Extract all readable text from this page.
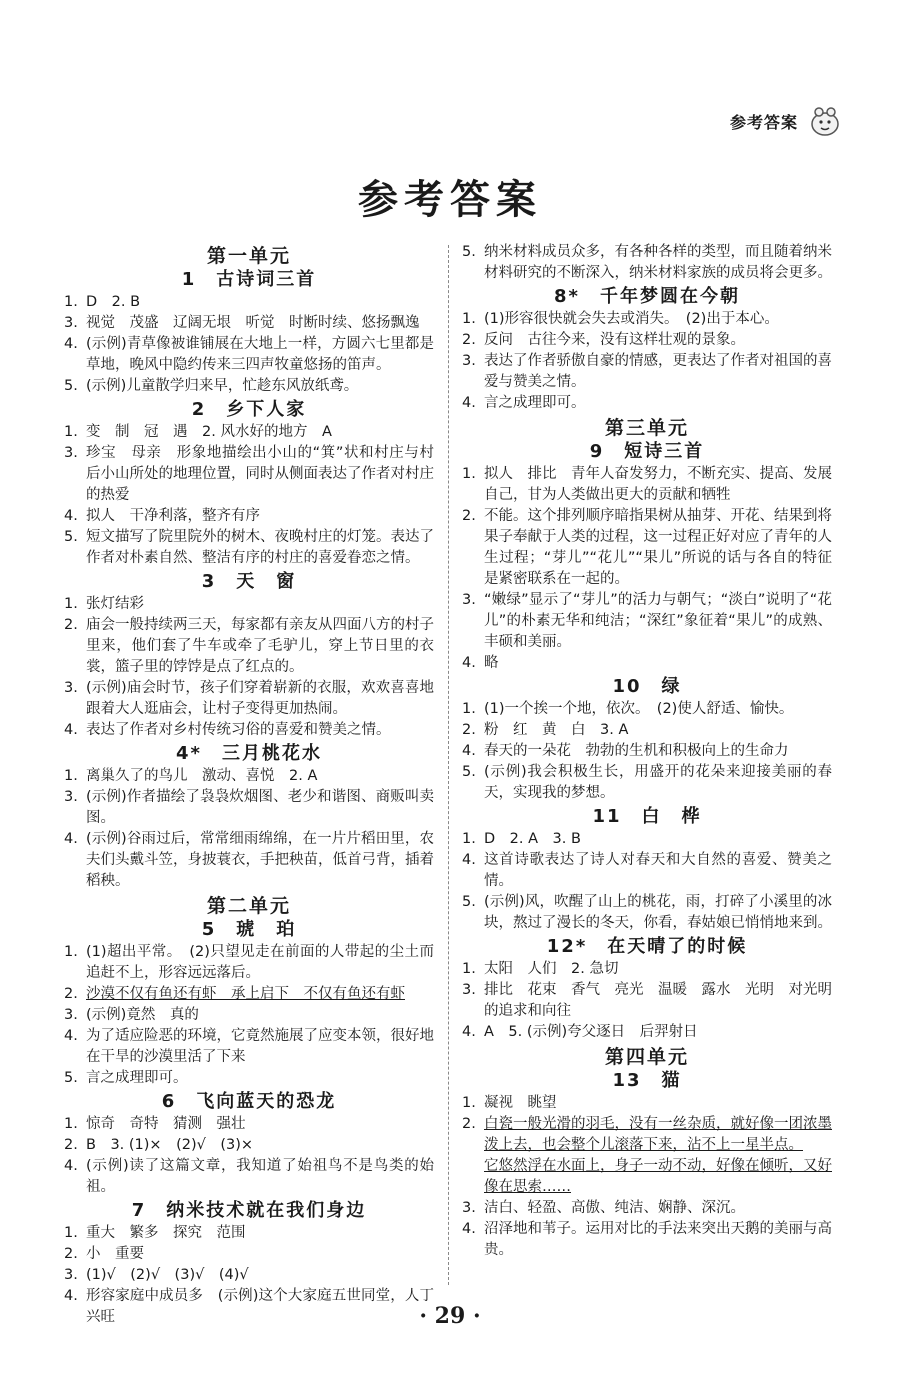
参考答案
参考答案
第一单元
1　古诗词三首
1. D　2. B
3. 视觉　茂盛　辽阔无垠　听觉　时断时续、悠扬飘逸
4. (示例)青草像被谁铺展在大地上一样，方圆六七里都是草地，晚风中隐约传来三四声牧童悠扬的笛声。
5. (示例)儿童散学归来早，忙趁东风放纸鸢。
2　乡下人家
1. 变　制　冠　遇　2. 风水好的地方　A
3. 珍宝　母亲　形象地描绘出小山的“箕”状和村庄与村后小山所处的地理位置，同时从侧面表达了作者对村庄的热爱
4. 拟人　干净利落，整齐有序
5. 短文描写了院里院外的树木、夜晚村庄的灯笼。表达了作者对朴素自然、整洁有序的村庄的喜爱眷恋之情。
3　天　窗
1. 张灯结彩
2. 庙会一般持续两三天，每家都有亲友从四面八方的村子里来，他们套了牛车或牵了毛驴儿，穿上节日里的衣裳，篮子里的饽饽是点了红点的。
3. (示例)庙会时节，孩子们穿着崭新的衣服，欢欢喜喜地跟着大人逛庙会，让村子变得更加热闹。
4. 表达了作者对乡村传统习俗的喜爱和赞美之情。
4*　三月桃花水
1. 离巢久了的鸟儿　激动、喜悦　2. A
3. (示例)作者描绘了袅袅炊烟图、老少和谐图、商贩叫卖图。
4. (示例)谷雨过后，常常细雨绵绵，在一片片稻田里，农夫们头戴斗笠，身披蓑衣，手把秧苗，低首弓背，插着稻秧。
第二单元
5　琥　珀
1. (1)超出平常。　(2)只望见走在前面的人带起的尘土而追赶不上，形容远远落后。
2. 沙漠不仅有鱼还有虾　承上启下　不仅有鱼还有虾
3. (示例)竟然　真的
4. 为了适应险恶的环境，它竟然施展了应变本领，很好地在干旱的沙漠里活了下来
5. 言之成理即可。
6　飞向蓝天的恐龙
1. 惊奇　奇特　猜测　强壮
2. B　3. (1)×　(2)√　(3)×
4. (示例)读了这篇文章，我知道了始祖鸟不是鸟类的始祖。
7　纳米技术就在我们身边
1. 重大　繁多　探究　范围
2. 小　重要
3. (1)√　(2)√　(3)√　(4)√
4. 形容家庭中成员多　(示例)这个大家庭五世同堂，人丁兴旺
5. 纳米材料成员众多，有各种各样的类型，而且随着纳米材料研究的不断深入，纳米材料家族的成员将会更多。
8*　千年梦圆在今朝
1. (1)形容很快就会失去或消失。　(2)出于本心。
2. 反问　古往今来，没有这样壮观的景象。
3. 表达了作者骄傲自豪的情感，更表达了作者对祖国的喜爱与赞美之情。
4. 言之成理即可。
第三单元
9　短诗三首
1. 拟人　排比　青年人奋发努力，不断充实、提高、发展自己，甘为人类做出更大的贡献和牺牲
2. 不能。这个排列顺序暗指果树从抽芽、开花、结果到将果子奉献于人类的过程，这一过程正好对应了青年的人生过程；“芽儿”“花儿”“果儿”所说的话与各自的特征是紧密联系在一起的。
3. “嫩绿”显示了“芽儿”的活力与朝气；“淡白”说明了“花儿”的朴素无华和纯洁；“深红”象征着“果儿”的成熟、丰硕和美丽。
4. 略
10　绿
1. (1)一个挨一个地，依次。　(2)使人舒适、愉快。
2. 粉　红　黄　白　3. A
4. 春天的一朵花　勃勃的生机和积极向上的生命力
5. (示例)我会积极生长，用盛开的花朵来迎接美丽的春天，实现我的梦想。
11　白　桦
1. D　2. A　3. B
4. 这首诗歌表达了诗人对春天和大自然的喜爱、赞美之情。
5. (示例)风，吹醒了山上的桃花，雨，打碎了小溪里的冰块，熬过了漫长的冬天，你看，春姑娘已悄悄地来到。
12*　在天晴了的时候
1. 太阳　人们　2. 急切
3. 排比　花束　香气　亮光　温暖　露水　光明　对光明的追求和向往
4. A　5. (示例)夸父逐日　后羿射日
第四单元
13　猫
1. 凝视　眺望
2. 白瓷一般光滑的羽毛，没有一丝杂质，就好像一团浓墨泼上去，也会整个儿滚落下来，沾不上一星半点。
它悠然浮在水面上，身子一动不动，好像在倾听，又好像在思索……
3. 洁白、轻盈、高傲、纯洁、娴静、深沉。
4. 沼泽地和苇子。运用对比的手法来突出天鹅的美丽与高贵。
· 29 ·
